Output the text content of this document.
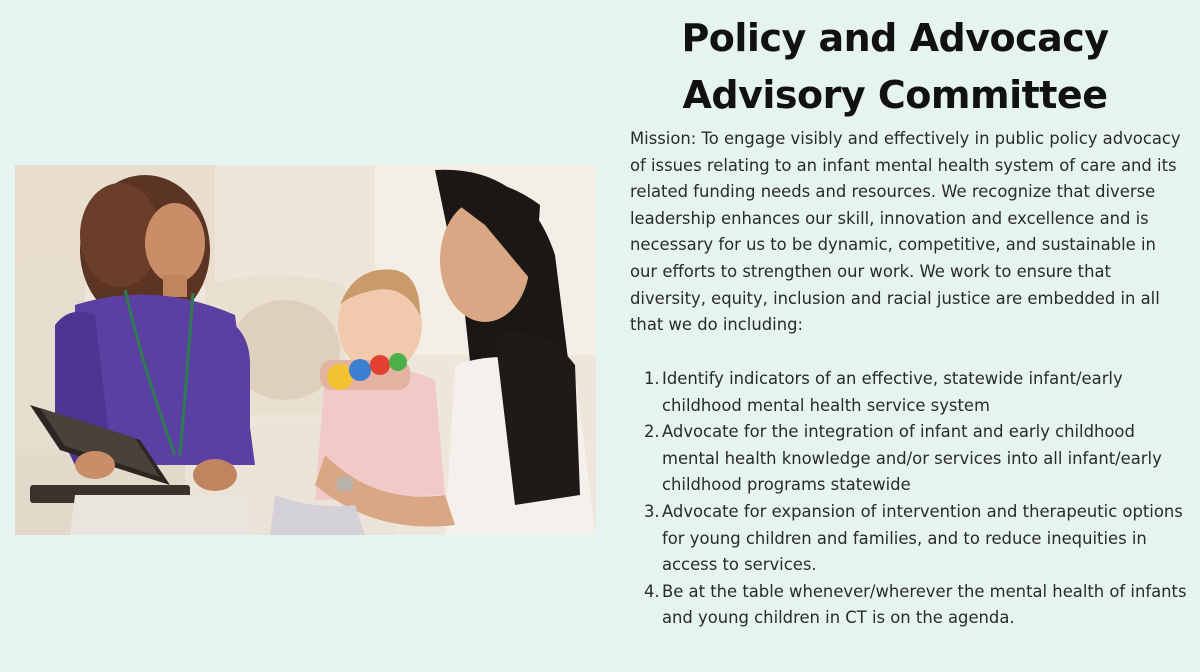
Policy and Advocacy
Advisory Committee

Mission: To engage visibly and effectively in public policy advocacy of issues relating to an infant mental health system of care and its related funding needs and resources. We recognize that diverse leadership enhances our skill, innovation and excellence and is necessary for us to be dynamic, competitive, and sustainable in our efforts to strengthen our work. We work to ensure that diversity, equity, inclusion and racial justice are embedded in all that we do including:

1. Identify indicators of an effective, statewide infant/early childhood mental health service system
2. Advocate for the integration of infant and early childhood mental health knowledge and/or services into all infant/early childhood programs statewide
3. Advocate for expansion of intervention and therapeutic options for young children and families, and to reduce inequities in access to services.
4. Be at the table whenever/wherever the mental health of infants and young children in CT is on the agenda.
